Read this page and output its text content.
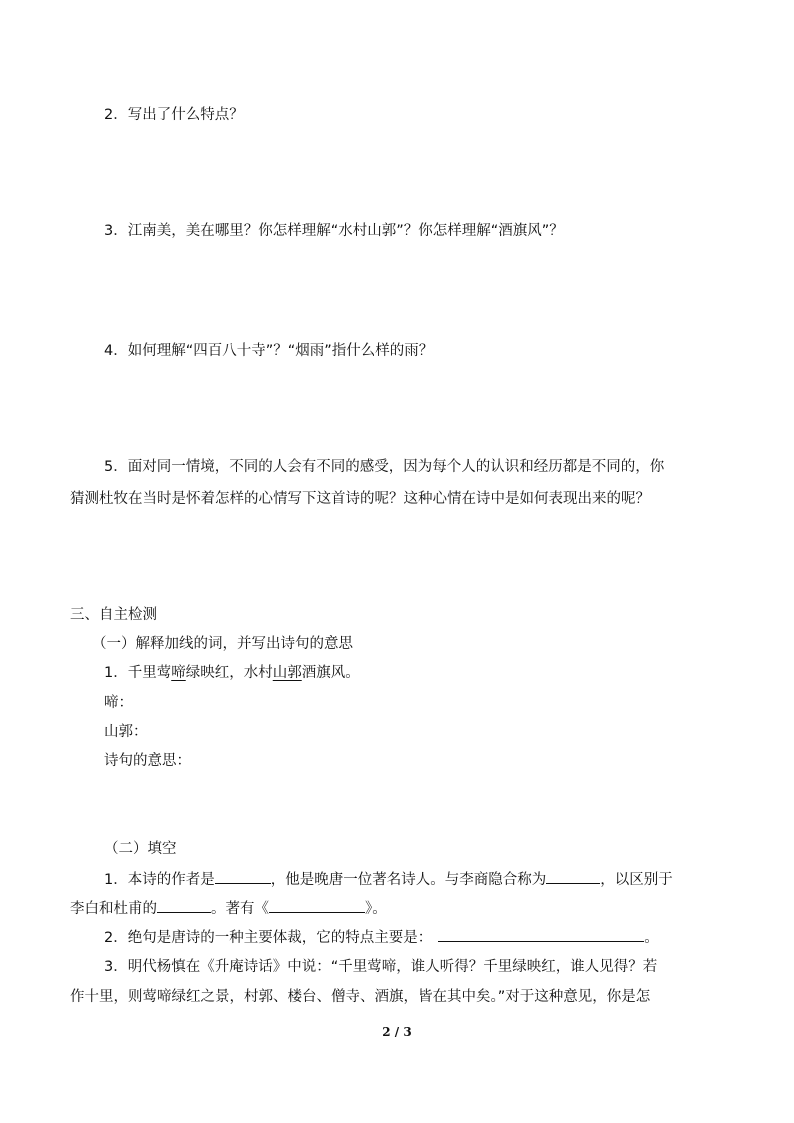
2．写出了什么特点？
3．江南美，美在哪里？你怎样理解“水村山郭”？你怎样理解“酒旗风”？
4．如何理解“四百八十寺”？“烟雨”指什么样的雨？
5．面对同一情境，不同的人会有不同的感受，因为每个人的认识和经历都是不同的，你
猜测杜牧在当时是怀着怎样的心情写下这首诗的呢？这种心情在诗中是如何表现出来的呢？
三、自主检测
（一）解释加线的词，并写出诗句的意思
1．千里莺啼绿映红，水村山郭酒旗风。
啼：
山郭：
诗句的意思：
（二）填空
1．本诗的作者是	，他是晚唐一位著名诗人。与李商隐合称为	，以区别于
李白和杜甫的	。著有《	》。
2．绝句是唐诗的一种主要体裁，它的特点主要是：	。
3．明代杨慎在《升庵诗话》中说：“千里莺啼，谁人听得？千里绿映红，谁人见得？若
作十里，则莺啼绿红之景，村郭、楼台、僧寺、酒旗，皆在其中矣。”对于这种意见，你是怎
2 / 3
